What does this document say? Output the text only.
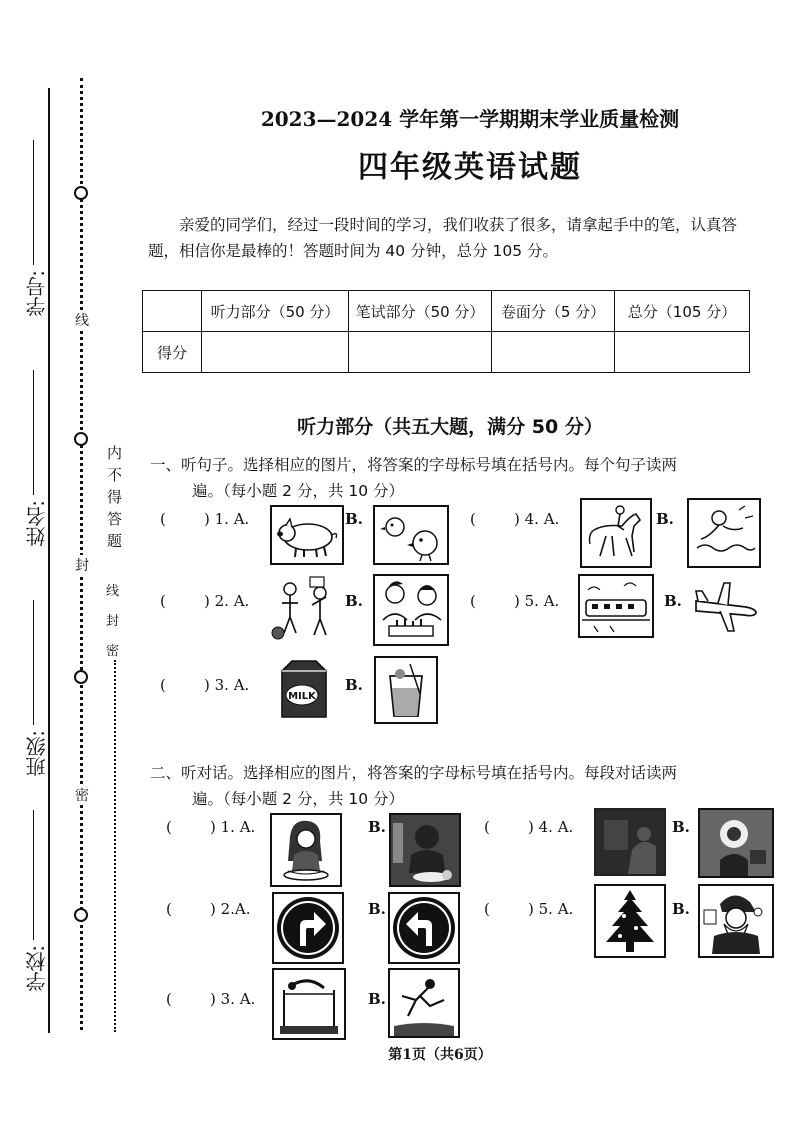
学号:
姓名:
班级:
学校:
线
封
密
密
封
线
内不得答题
2023—2024 学年第一学期期末学业质量检测
四年级英语试题
亲爱的同学们，经过一段时间的学习，我们收获了很多，请拿起手中的笔，认真答题，相信你是最棒的！答题时间为 40 分钟，总分 105 分。
	听力部分（50 分）	笔试部分（50 分）	卷面分（5 分）	总分（105 分）
得分				
听力部分（共五大题，满分 50 分）
一、听句子。选择相应的图片，将答案的字母标号填在括号内。每个句子读两
遍。（每小题 2 分，共 10 分）
(        ) 1. A.	B.	(        ) 4. A.	B.
(        ) 2. A.	B.	(        ) 5. A.	B.
(        ) 3. A.
MILK
B.
二、听对话。选择相应的图片，将答案的字母标号填在括号内。每段对话读两
遍。（每小题 2 分，共 10 分）
(        ) 1. A.	B.	(        ) 4. A.	B.
(        ) 2.A.	B.	(        ) 5. A.	B.
(        ) 3. A.	B.
第1页（共6页）
